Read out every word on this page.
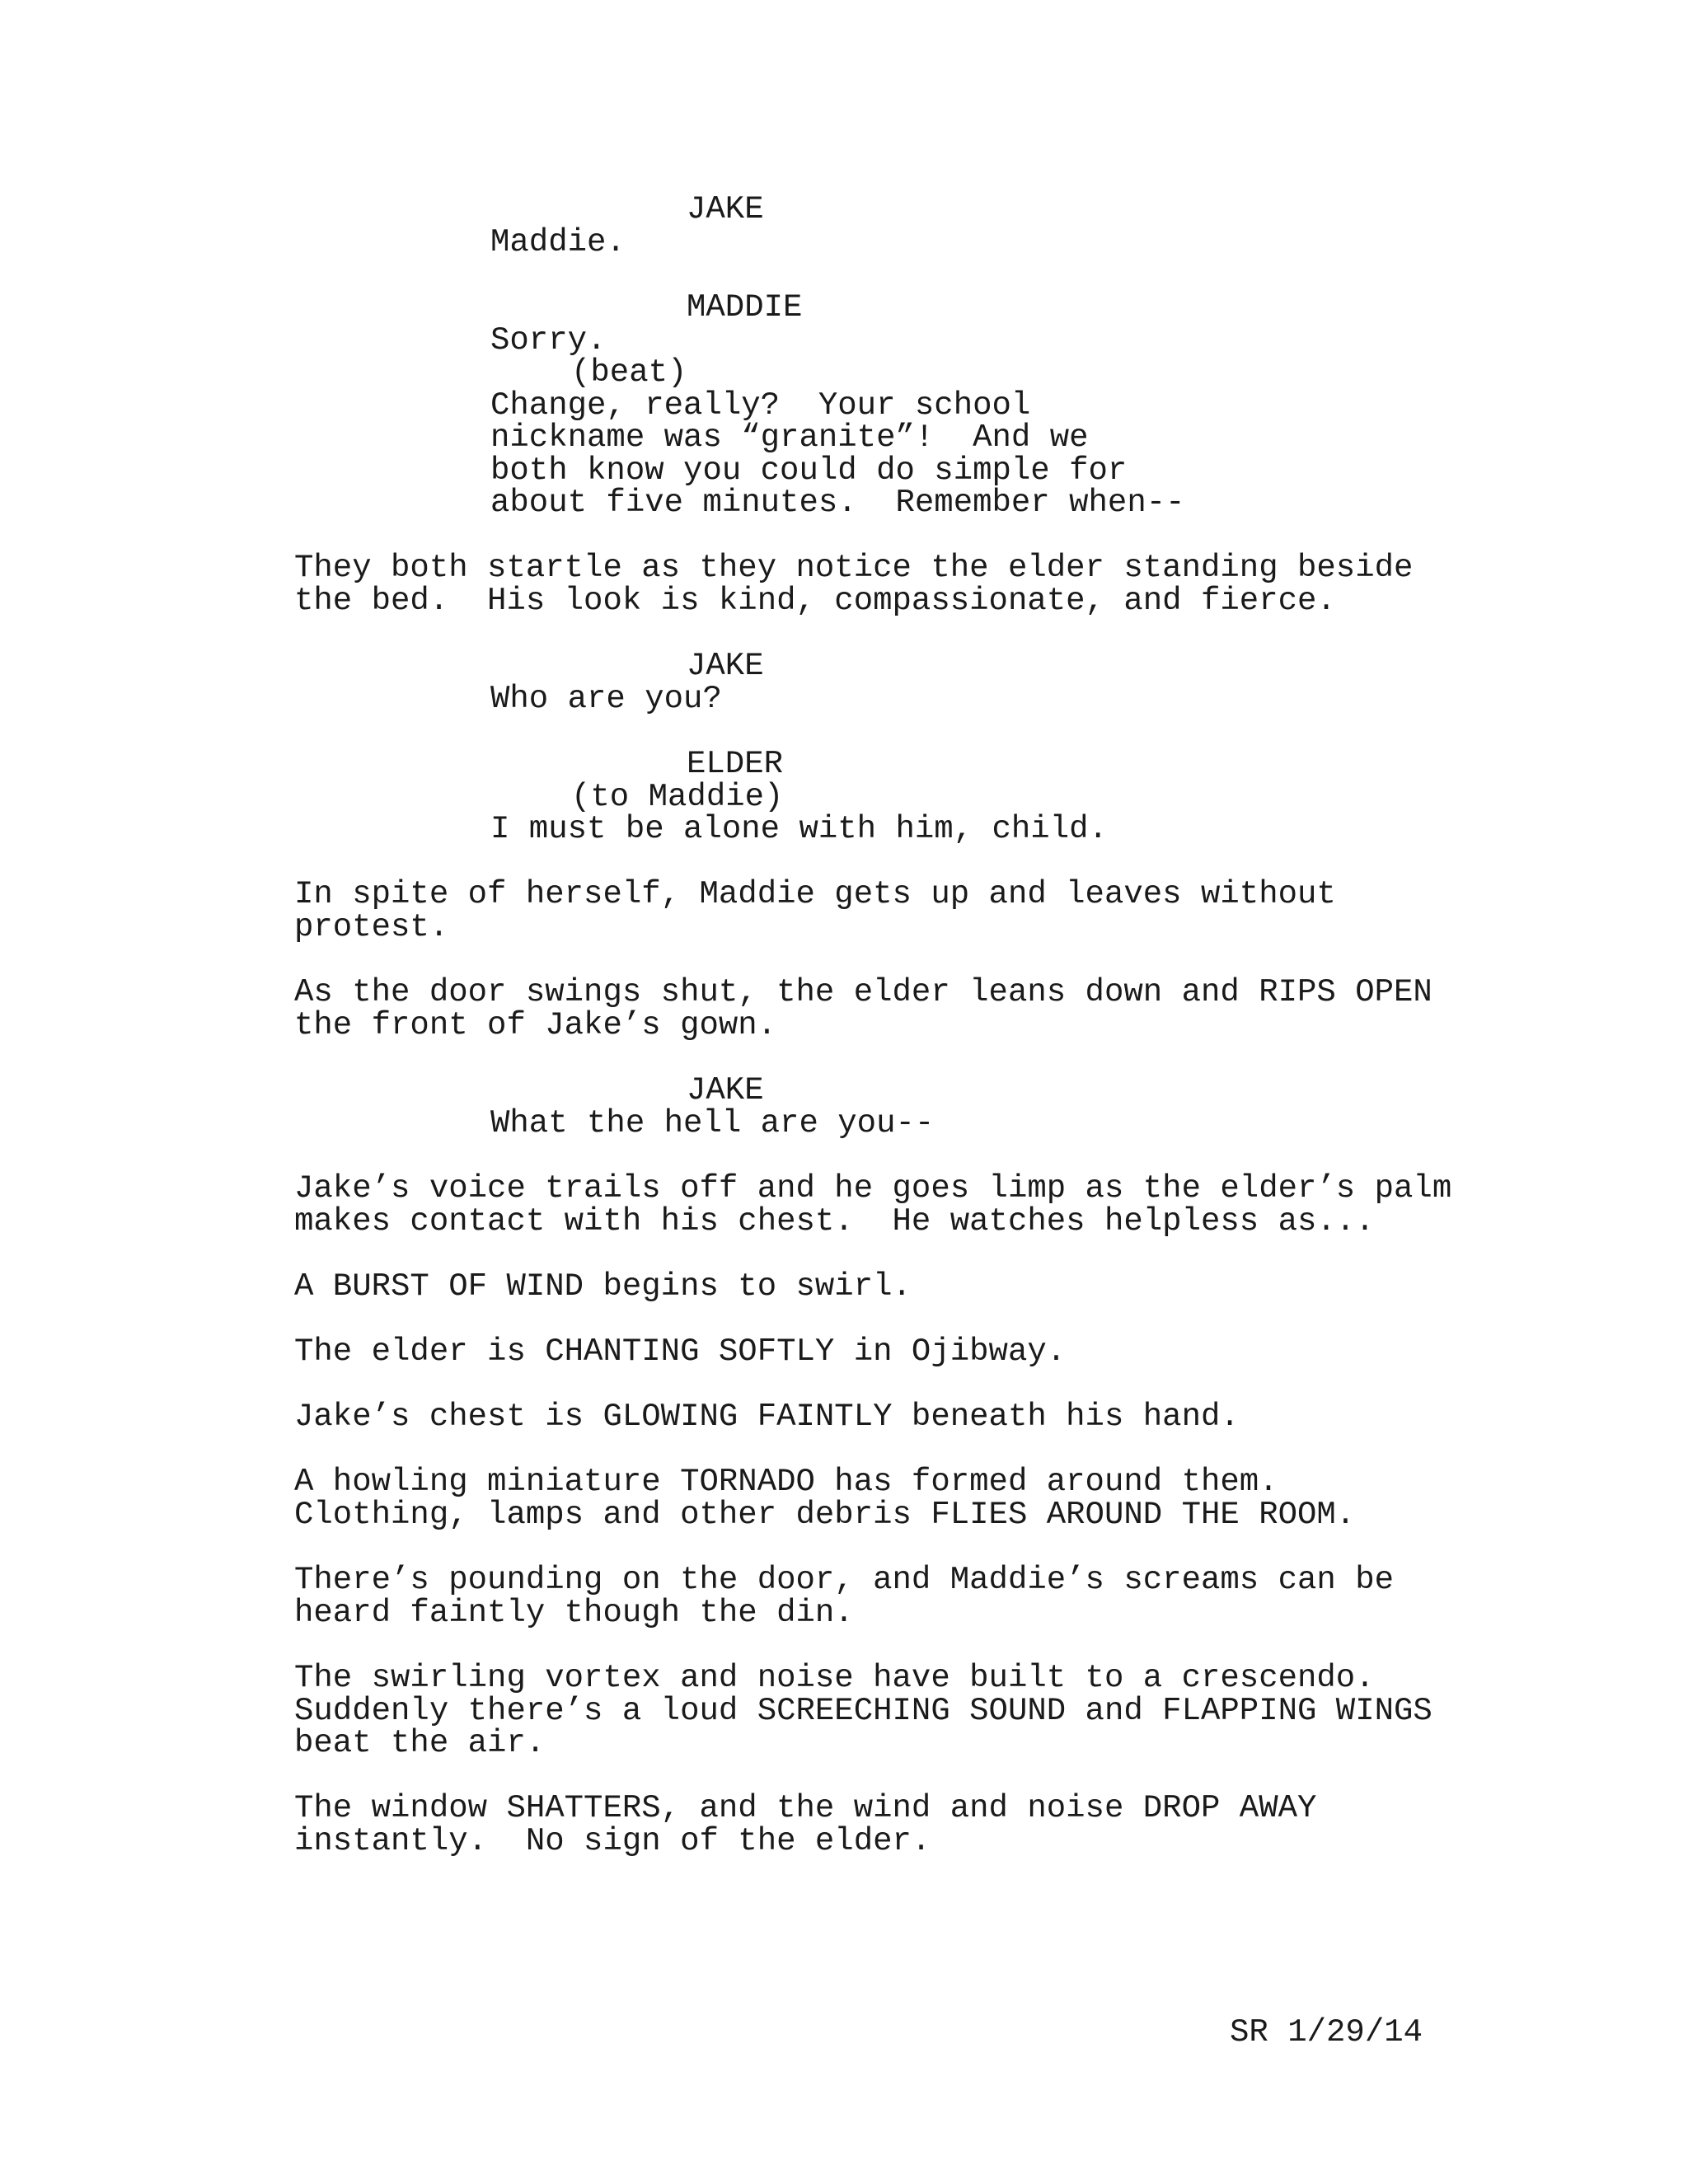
JAKE
Maddie.
MADDIE
Sorry.
(beat)
Change, really?  Your school
nickname was “granite”!  And we
both know you could do simple for
about five minutes.  Remember when--
They both startle as they notice the elder standing beside
the bed.  His look is kind, compassionate, and fierce.
JAKE
Who are you?
ELDER
(to Maddie)
I must be alone with him, child.
In spite of herself, Maddie gets up and leaves without
protest.
As the door swings shut, the elder leans down and RIPS OPEN
the front of Jake’s gown.
JAKE
What the hell are you--
Jake’s voice trails off and he goes limp as the elder’s palm
makes contact with his chest.  He watches helpless as...
A BURST OF WIND begins to swirl.
The elder is CHANTING SOFTLY in Ojibway.
Jake’s chest is GLOWING FAINTLY beneath his hand.
A howling miniature TORNADO has formed around them.
Clothing, lamps and other debris FLIES AROUND THE ROOM.
There’s pounding on the door, and Maddie’s screams can be
heard faintly though the din.
The swirling vortex and noise have built to a crescendo.
Suddenly there’s a loud SCREECHING SOUND and FLAPPING WINGS
beat the air.
The window SHATTERS, and the wind and noise DROP AWAY
instantly.  No sign of the elder.
SR 1/29/14
